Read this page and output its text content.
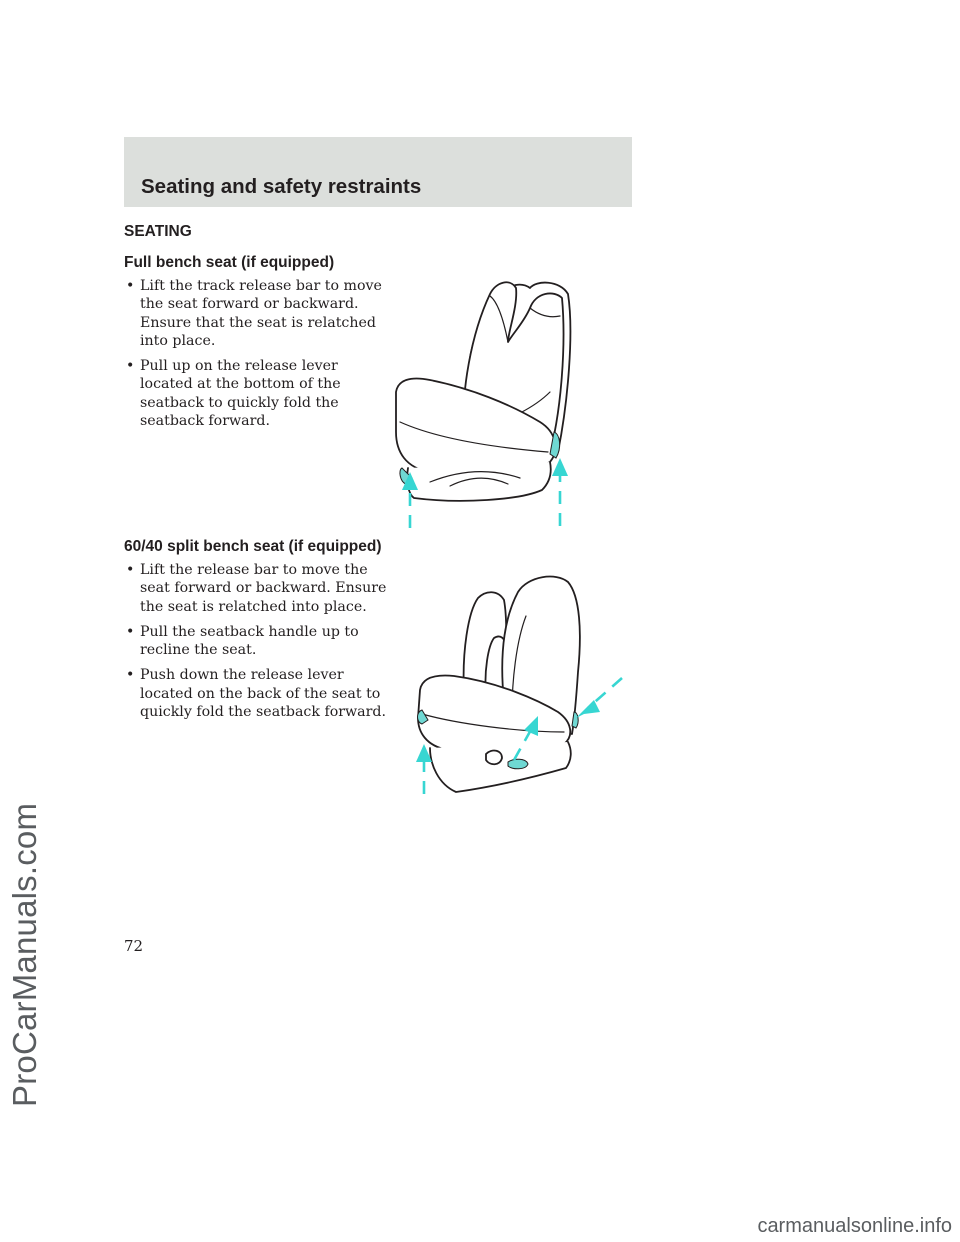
Seating and safety restraints
ProCarManuals.com
SEATING
Full bench seat (if equipped)
• Lift the track release bar to move
the seat forward or backward.
Ensure that the seat is relatched
into place.
• Pull up on the release lever
located at the bottom of the
seatback to quickly fold the
seatback forward.
60/40 split bench seat (if equipped)
• Lift the release bar to move the
seat forward or backward. Ensure
the seat is relatched into place.
• Pull the seatback handle up to
recline the seat.
• Push down the release lever
located on the back of the seat to
quickly fold the seatback forward.
72
carmanualsonline.info
